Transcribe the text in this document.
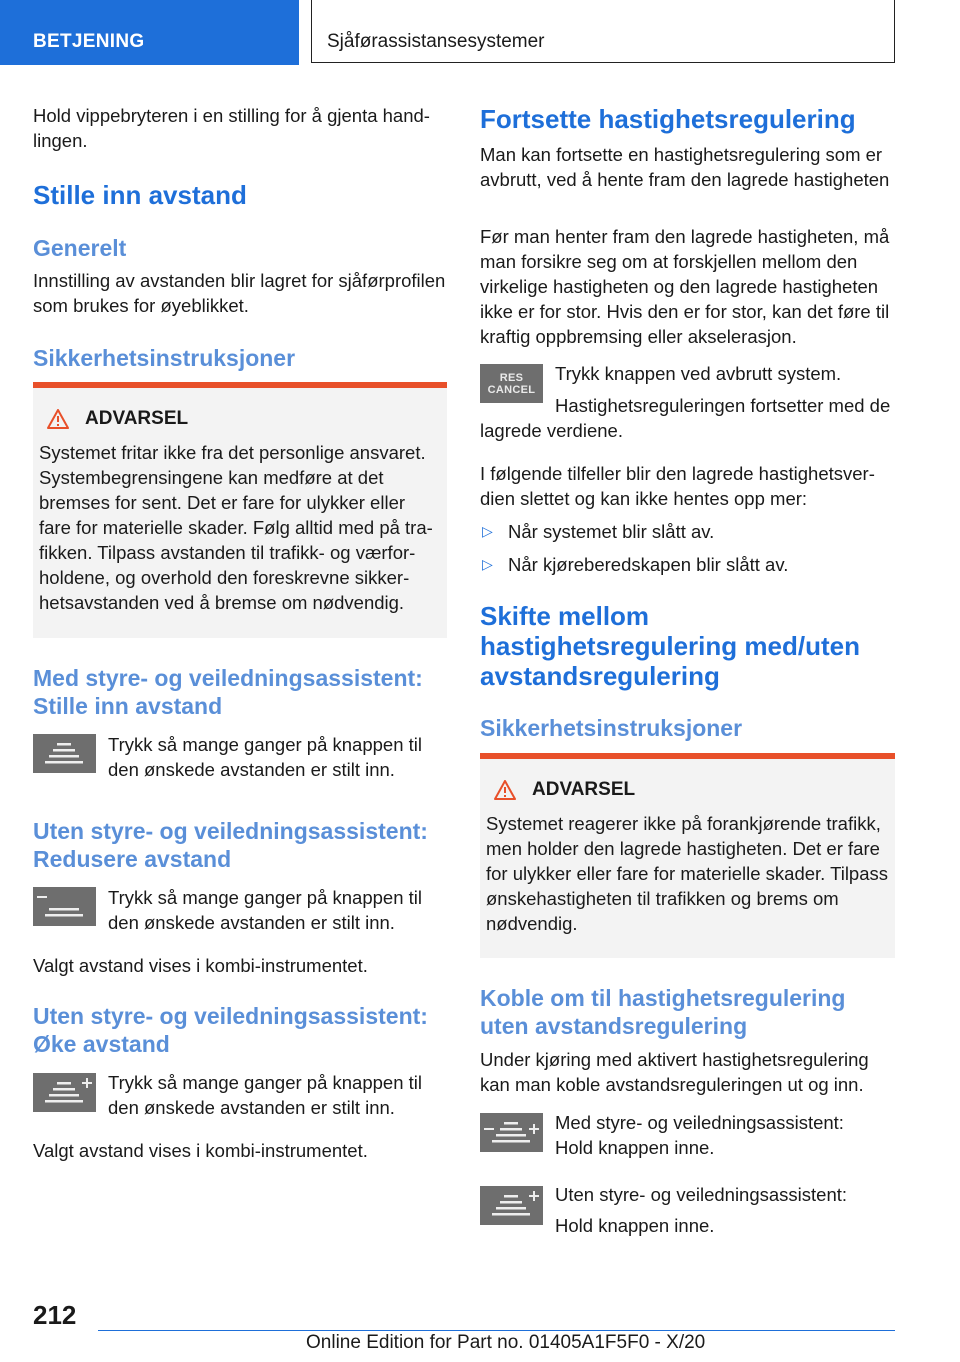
BETJENING	Sjåførassistansesystemer

Hold vippebryteren i en stilling for å gjenta handlingen.

Stille inn avstand
Generelt

Innstilling av avstanden blir lagret for sjåførprofilen som brukes for øyeblikket.

Sikkerhetsinstruksjoner
ADVARSEL

Systemet fritar ikke fra det personlige ansvaret. Systembegrensingene kan medføre at det bremses for sent. Det er fare for ulykker eller fare for materielle skader. Følg alltid med på trafikken. Tilpass avstanden til trafikk- og værforholdene, og overhold den foreskrevne sikkerhetsavstanden ved å bremse om nødvendig.

Med styre- og veiledningsassistent: Stille inn avstand

Trykk så mange ganger på knappen til den ønskede avstanden er stilt inn.

Uten styre- og veiledningsassistent: Redusere avstand

Trykk så mange ganger på knappen til den ønskede avstanden er stilt inn.

Valgt avstand vises i kombi-instrumentet.

Uten styre- og veiledningsassistent: Øke avstand

Trykk så mange ganger på knappen til den ønskede avstanden er stilt inn.

Valgt avstand vises i kombi-instrumentet.

Fortsette hastighetsregulering

Man kan fortsette en hastighetsregulering som er avbrutt, ved å hente fram den lagrede hastigheten

Før man henter fram den lagrede hastigheten, må man forsikre seg om at forskjellen mellom den virkelige hastigheten og den lagrede hastigheten ikke er for stor. Hvis den er for stor, kan det føre til kraftig oppbremsing eller akselerasjon.

RES
CANCEL

Trykk knappen ved avbrutt system.

Hastighetsreguleringen fortsetter med de lagrede verdiene.

I følgende tilfeller blir den lagrede hastighetsverdien slettet og kan ikke hentes opp mer:

▷ Når systemet blir slått av.
▷ Når kjøreberedskapen blir slått av.
Skifte mellom hastighetsregulering med/uten avstandsregulering
Sikkerhetsinstruksjoner
ADVARSEL

Systemet reagerer ikke på forankjørende trafikk, men holder den lagrede hastigheten. Det er fare for ulykker eller fare for materielle skader. Tilpass ønskehastigheten til trafikken og brems om nødvendig.

Koble om til hastighetsregulering uten avstandsregulering

Under kjøring med aktivert hastighetsregulering kan man koble avstandsreguleringen ut og inn.

Med styre- og veiledningsassistent:

Hold knappen inne.

Uten styre- og veiledningsassistent:

Hold knappen inne.

212
Online Edition for Part no. 01405A1F5F0 - X/20
